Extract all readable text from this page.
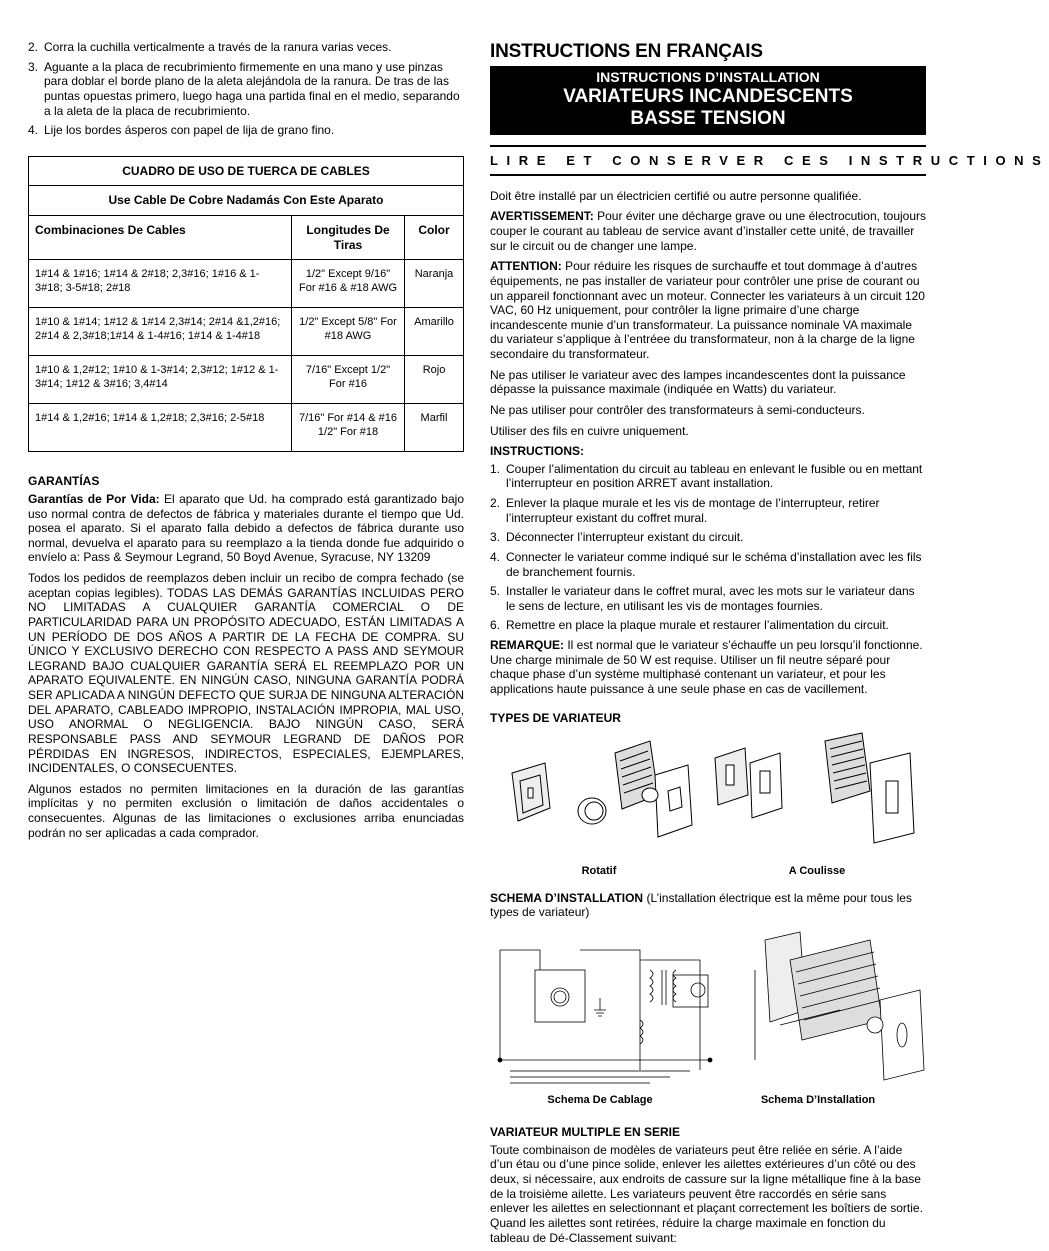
2. Corra la cuchilla verticalmente a través de la ranura varias veces.
3. Aguante a la placa de recubrimiento firmemente en una mano y use pinzas para doblar el borde plano de la aleta alejándola de la ranura. De tras de las puntas opuestas primero, luego haga una partida final en el medio, separando a la aleta de la placa de recubrimiento.
4. Lije los bordes ásperos con papel de lija de grano fino.
CUADRO DE USO DE TUERCA DE CABLES		
Use Cable De Cobre Nadamás Con Este Aparato		
Combinaciones De Cables	Longitudes De Tiras	Color
1#14 & 1#16; 1#14 & 2#18; 2,3#16; 1#16 & 1-3#18; 3-5#18; 2#18	1/2" Except 9/16" For #16 & #18 AWG	Naranja
1#10 & 1#14; 1#12 & 1#14 2,3#14; 2#14 &1,2#16; 2#14 & 2,3#18;1#14 & 1-4#16; 1#14 & 1-4#18	1/2" Except 5/8" For #18 AWG	Amarillo
1#10 & 1,2#12; 1#10 & 1-3#14; 2,3#12; 1#12 & 1-3#14; 1#12 & 3#16; 3,4#14	7/16" Except 1/2" For #16	Rojo
1#14 & 1,2#16; 1#14 & 1,2#18; 2,3#16; 2-5#18	7/16" For #14 & #16 1/2" For #18	Marfil
GARANTÍAS

Garantías de Por Vida: El aparato que Ud. ha comprado está garantizado bajo uso normal contra de defectos de fábrica y materiales durante el tiempo que Ud. posea el aparato. Si el aparato falla debido a defectos de fábrica durante uso normal, devuelva el aparato para su reemplazo a la tienda donde fue adquirido o envíelo a: Pass & Seymour Legrand, 50 Boyd Avenue, Syracuse, NY 13209

Todos los pedidos de reemplazos deben incluir un recibo de compra fechado (se aceptan copias legibles). TODAS LAS DEMÁS GARANTÍAS INCLUIDAS PERO NO LIMITADAS A CUALQUIER GARANTÍA COMERCIAL O DE PARTICULARIDAD PARA UN PROPÓSITO ADECUADO, ESTÁN LIMITADAS A UN PERÍODO DE DOS AÑOS A PARTIR DE LA FECHA DE COMPRA. SU ÚNICO Y EXCLUSIVO DERECHO CON RESPECTO A PASS AND SEYMOUR LEGRAND BAJO CUALQUIER GARANTÍA SERÁ EL REEMPLAZO POR UN APARATO EQUIVALENTE. EN NINGÚN CASO, NINGUNA GARANTÍA PODRÁ SER APLICADA A NINGÚN DEFECTO QUE SURJA DE NINGUNA ALTERACIÓN DEL APARATO, CABLEADO IMPROPIO, INSTALACIÓN IMPROPIA, MAL USO, USO ANORMAL O NEGLIGENCIA. BAJO NINGÚN CASO, SERÁ RESPONSABLE PASS AND SEYMOUR LEGRAND DE DAÑOS POR PÉRDIDAS EN INGRESOS, INDIRECTOS, ESPECIALES, EJEMPLARES, INCIDENTALES, O CONSECUENTES.

Algunos estados no permiten limitaciones en la duración de las garantías implícitas y no permiten exclusión o limitación de daños accidentales o consecuentes. Algunas de las limitaciones o exclusiones arriba enunciadas podrán no ser aplicadas a cada comprador.

INSTRUCTIONS EN FRANÇAIS
INSTRUCTIONS D’INSTALLATION
VARIATEURS INCANDESCENTS
BASSE TENSION
LIRE ET CONSERVER CES INSTRUCTIONS

Doit être installé par un électricien certifié ou autre personne qualifiée.

AVERTISSEMENT: Pour éviter une décharge grave ou une électrocution, toujours couper le courant au tableau de service avant d’installer cette unité, de travailler sur le circuit ou de changer une lampe.

ATTENTION: Pour réduire les risques de surchauffe et tout dommage à d’autres équipements, ne pas installer de variateur pour contrôler une prise de courant ou un appareil fonctionnant avec un moteur. Connecter les variateurs à un circuit 120 VAC, 60 Hz uniquement, pour contrôler la ligne primaire d’une charge incandescente munie d’un transformateur. La puissance nominale VA maximale du variateur s’applique à l’entréee du transformateur, non à la charge de la ligne secondaire du transformateur.

Ne pas utiliser le variateur avec des lampes incandescentes dont la puissance dépasse la puissance maximale (indiquée en Watts) du variateur.

Ne pas utiliser pour contrôler des transformateurs à semi-conducteurs.

Utiliser des fils en cuivre uniquement.

INSTRUCTIONS:
1. Couper l’alimentation du circuit au tableau en enlevant le fusible ou en mettant l’interrupteur en position ARRET avant installation.
2. Enlever la plaque murale et les vis de montage de l’interrupteur, retirer l’interrupteur existant du coffret mural.
3. Déconnecter l’interrupteur existant du circuit.
4. Connecter le variateur comme indiqué sur le schéma d’installation avec les fils de branchement fournis.
5. Installer le variateur dans le coffret mural, avec les mots sur le variateur dans le sens de lecture, en utilisant les vis de montages fournies.
6. Remettre en place la plaque murale et restaurer l’alimentation du circuit.

REMARQUE: Il est normal que le variateur s’échauffe un peu lorsqu’il fonctionne. Une charge minimale de 50 W est requise. Utiliser un fil neutre séparé pour chaque phase d’un système multiphasé contenant un variateur, et pour les applications haute puissance à une seule phase en cas de vacillement.

TYPES DE VARIATEUR
Rotatif	A Coulisse

SCHEMA D’INSTALLATION (L’installation électrique est la même pour tous les types de variateur)

Schema De Cablage	Schema D’Installation
VARIATEUR MULTIPLE EN SERIE

Toute combinaison de modèles de variateurs peut être reliée en série. A l’aide d’un étau ou d’une pince solide, enlever les ailettes extérieures d’un côté ou des deux, si nécessaire, aux endroits de cassure sur la ligne métallique fine à la base de la troisième ailette. Les variateurs peuvent être raccordés en série sans enlever les ailettes en selectionnant et plaçant correctement les boîtiers de sortie. Quand les ailettes sont retirées, réduire la charge maximale en fonction du tableau de Dé-Classement suivant:
